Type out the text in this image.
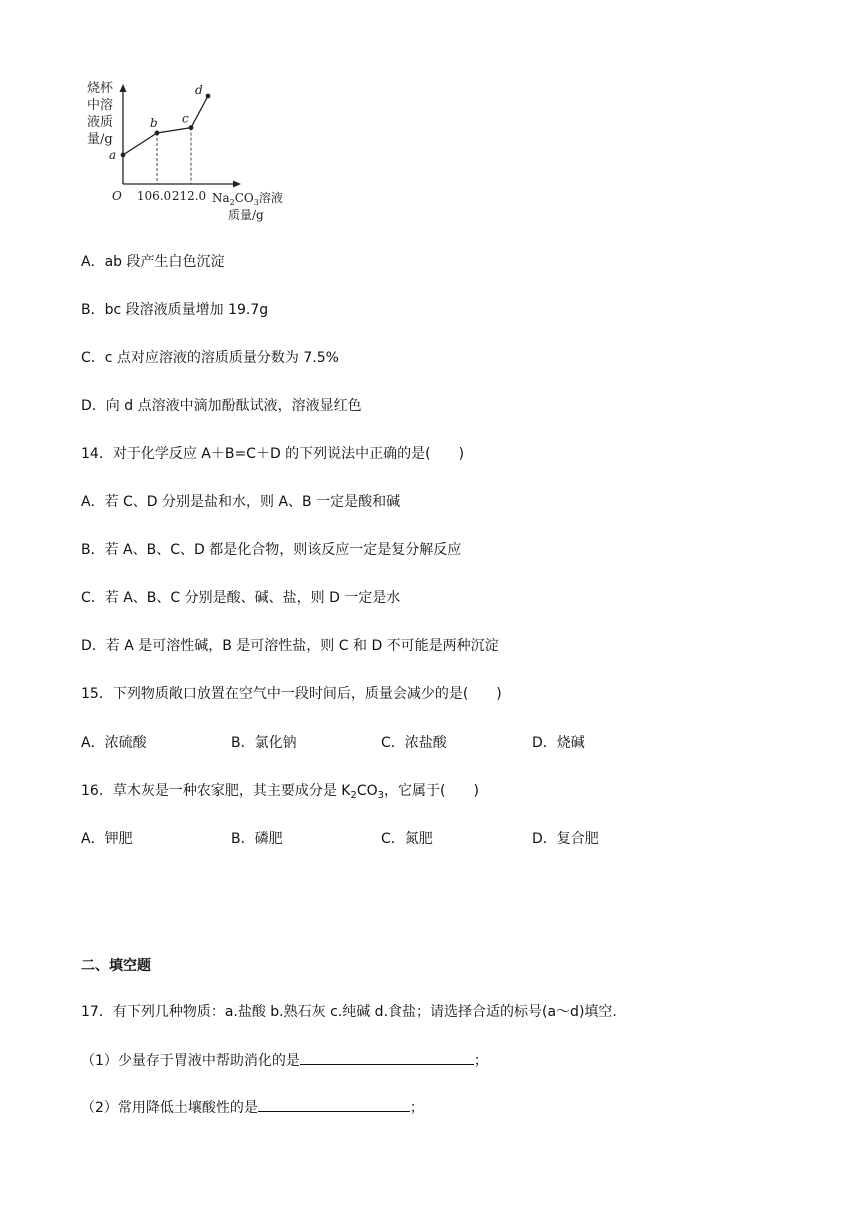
烧杯
中溶
液质
量/g
O
a
b c
d
106.0 212.0 $Na_2CO_3$溶液
质量/g
A．ab 段产生白色沉淀
B．bc 段溶液质量增加 19.7g
C．c 点对应溶液的溶质质量分数为 7.5%
D．向 d 点溶液中滴加酚酞试液，溶液显红色
14．对于化学反应 A＋B=C＋D 的下列说法中正确的是(　　)
A．若 C、D 分别是盐和水，则 A、B 一定是酸和碱
B．若 A、B、C、D 都是化合物，则该反应一定是复分解反应
C．若 A、B、C 分别是酸、碱、盐，则 D 一定是水
D．若 A 是可溶性碱，B 是可溶性盐，则 C 和 D 不可能是两种沉淀
15．下列物质敞口放置在空气中一段时间后，质量会减少的是(　　)
A．浓硫酸	B．氯化钠	C．浓盐酸	D．烧碱
16．草木灰是一种农家肥，其主要成分是 $K_2CO_3$，它属于(　　)
A．钾肥	B．磷肥	C．氮肥	D．复合肥
二、填空题
17．有下列几种物质：a.盐酸 b.熟石灰 c.纯碱 d.食盐；请选择合适的标号(a～d)填空.
（1）少量存于胃液中帮助消化的是	；
（2）常用降低土壤酸性的是	；
